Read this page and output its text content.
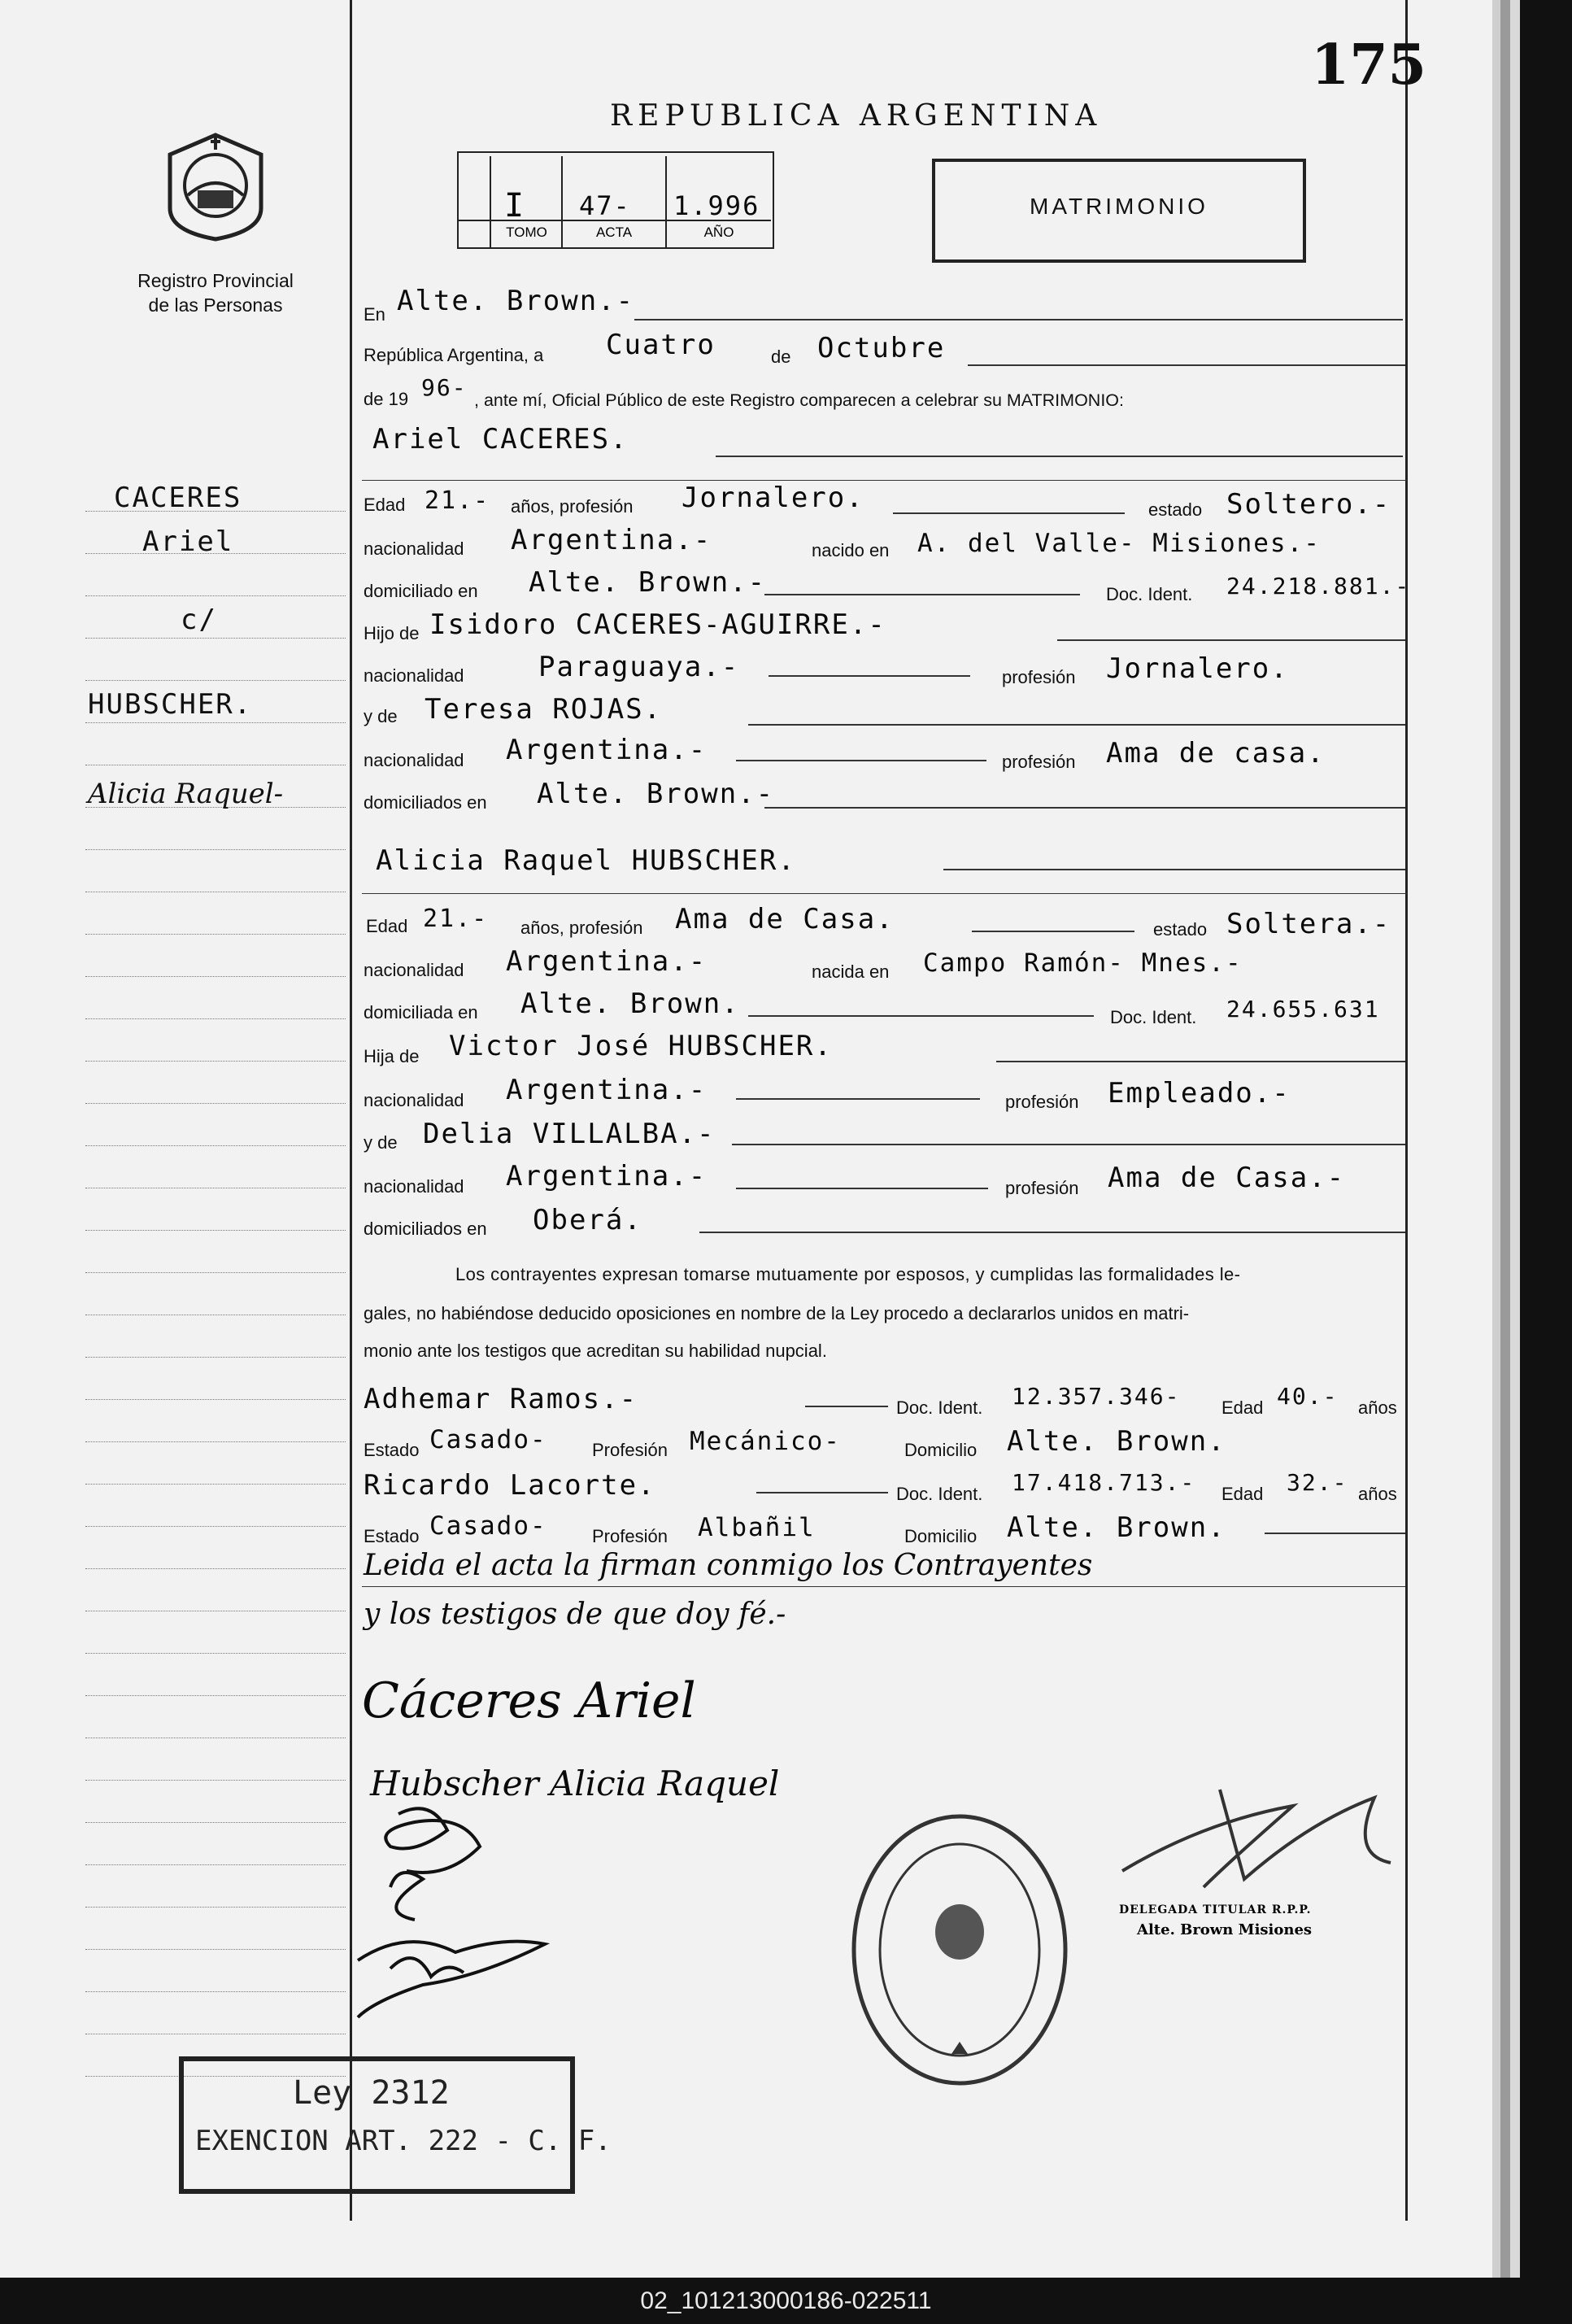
175
REPUBLICA ARGENTINA
Registro Provincial
de las Personas
I 47- 1.996
TOMO	ACTA	AÑO
MATRIMONIO
CACERES
Ariel
c/
HUBSCHER.
Alicia Raquel-
En Alte. Brown.-
República Argentina, a Cuatro	de Octubre
de 19 96- , ante mí, Oficial Público de este Registro comparecen a celebrar su MATRIMONIO:
Ariel CACERES.
Edad 21.- años, profesión Jornalero.	estado Soltero.-
nacionalidad Argentina.-	nacido en A. del Valle- Misiones.-
domiciliado en Alte. Brown.-	Doc. Ident. 24.218.881.-
Hijo de Isidoro CACERES-AGUIRRE.-
nacionalidad	Paraguaya.-	profesión Jornalero.
y de Teresa ROJAS.
nacionalidad Argentina.-	profesión Ama de casa.
domiciliados en Alte. Brown.-
Alicia Raquel HUBSCHER.
Edad 21.- años, profesión Ama de Casa.	estado Soltera.-
nacionalidad Argentina.-	nacida en Campo Ramón- Mnes.-
domiciliada en Alte. Brown.	Doc. Ident. 24.655.631
Hija de Victor José HUBSCHER.
nacionalidad Argentina.-	profesión Empleado.-
y de Delia VILLALBA.-
nacionalidad Argentina.-	profesión Ama de Casa.-
domiciliados en Oberá.
Los contrayentes expresan tomarse mutuamente por esposos, y cumplidas las formalidades le-
gales, no habiéndose deducido oposiciones en nombre de la Ley procedo a declararlos unidos en matri-
monio ante los testigos que acreditan su habilidad nupcial.
Adhemar Ramos.-	Doc. Ident. 12.357.346- Edad 40.- años
Estado Casado-	Profesión Mecánico-	Domicilio Alte. Brown.
Ricardo Lacorte.	Doc. Ident. 17.418.713.- Edad 32.- años
Estado Casado-	Profesión Albañil	Domicilio Alte. Brown.
Leida el acta la firman conmigo los Contrayentes
y los testigos de que doy fé.-
Cáceres Ariel
Hubscher Alicia Raquel
DELEGADA TITULAR R.P.P.
Alte. Brown Misiones
Ley 2312
EXENCION ART. 222 - C. F.
02_101213000186-022511
